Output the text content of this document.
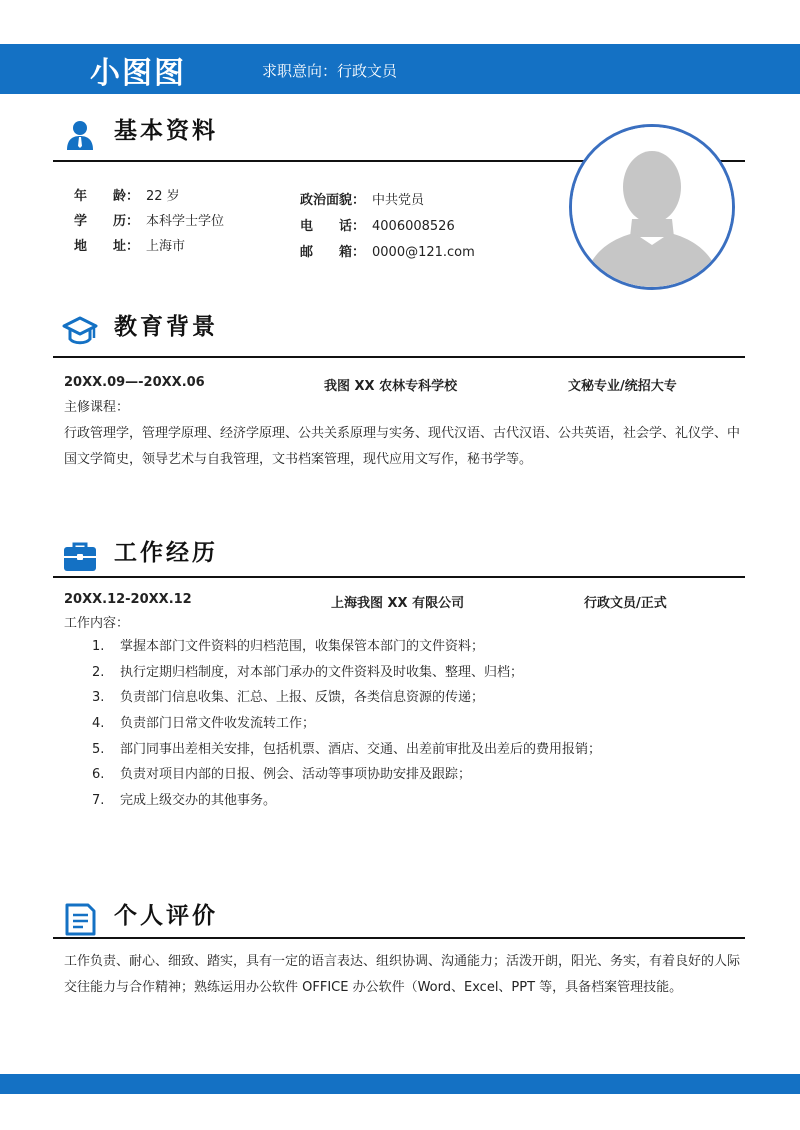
小图图	求职意向：行政文员
基本资料
年　　龄： 22 岁
学　　历： 本科学士学位
地　　址： 上海市
政治面貌： 中共党员
电　　话： 4006008526
邮　　箱： 0000@121.com
教育背景
20XX.09—-20XX.06	我图 XX 农林专科学校	文秘专业/统招大专
主修课程：
行政管理学，管理学原理、经济学原理、公共关系原理与实务、现代汉语、古代汉语、公共英语，社会学、礼仪学、中国文学简史，领导艺术与自我管理，文书档案管理，现代应用文写作，秘书学等。
工作经历
20XX.12-20XX.12	上海我图 XX 有限公司	行政文员/正式
工作内容：
1. 掌握本部门文件资料的归档范围，收集保管本部门的文件资料；
2. 执行定期归档制度，对本部门承办的文件资料及时收集、整理、归档；
3. 负责部门信息收集、汇总、上报、反馈，各类信息资源的传递；
4. 负责部门日常文件收发流转工作；
5. 部门同事出差相关安排，包括机票、酒店、交通、出差前审批及出差后的费用报销；
6. 负责对项目内部的日报、例会、活动等事项协助安排及跟踪；
7. 完成上级交办的其他事务。
个人评价
工作负责、耐心、细致、踏实，具有一定的语言表达、组织协调、沟通能力；活泼开朗，阳光、务实，有着良好的人际交往能力与合作精神；熟练运用办公软件 OFFICE 办公软件（Word、Excel、PPT 等，具备档案管理技能。
